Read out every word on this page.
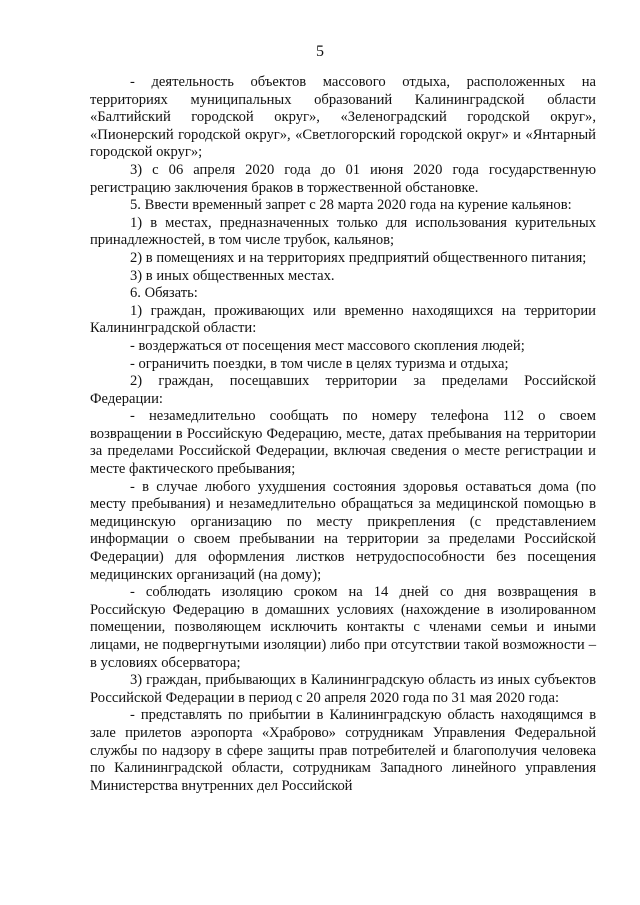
5

- деятельность объектов массового отдыха, расположенных на территориях муниципальных образований Калининградской области «Балтийский городской округ», «Зеленоградский городской округ», «Пионерский городской округ», «Светлогорский городской округ» и «Янтарный городской округ»;

3) с 06 апреля 2020 года до 01 июня 2020 года государственную регистрацию заключения браков в торжественной обстановке.

5. Ввести временный запрет с 28 марта 2020 года на курение кальянов:

1) в местах, предназначенных только для использования курительных принадлежностей, в том числе трубок, кальянов;

2) в помещениях и на территориях предприятий общественного питания;

3) в иных общественных местах.

6. Обязать:

1) граждан, проживающих или временно находящихся на территории Калининградской области:

- воздержаться от посещения мест массового скопления людей;

- ограничить поездки, в том числе в целях туризма и отдыха;

2) граждан, посещавших территории за пределами Российской Федерации:

- незамедлительно сообщать по номеру телефона 112 о своем возвращении в Российскую Федерацию, месте, датах пребывания на территории за пределами Российской Федерации, включая сведения о месте регистрации и месте фактического пребывания;

- в случае любого ухудшения состояния здоровья оставаться дома (по месту пребывания) и незамедлительно обращаться за медицинской помощью в медицинскую организацию по месту прикрепления (с представлением информации о своем пребывании на территории за пределами Российской Федерации) для оформления листков нетрудоспособности без посещения медицинских организаций (на дому);

- соблюдать изоляцию сроком на 14 дней со дня возвращения в Российскую Федерацию в домашних условиях (нахождение в изолированном помещении, позволяющем исключить контакты с членами семьи и иными лицами, не подвергнутыми изоляции) либо при отсутствии такой возможности – в условиях обсерватора;

3) граждан, прибывающих в Калининградскую область из иных субъектов Российской Федерации в период с 20 апреля 2020 года по 31 мая 2020 года:

- представлять по прибытии в Калининградскую область находящимся в зале прилетов аэропорта «Храброво» сотрудникам Управления Федеральной службы по надзору в сфере защиты прав потребителей и благополучия человека по Калининградской области, сотрудникам Западного линейного управления Министерства внутренних дел Российской
